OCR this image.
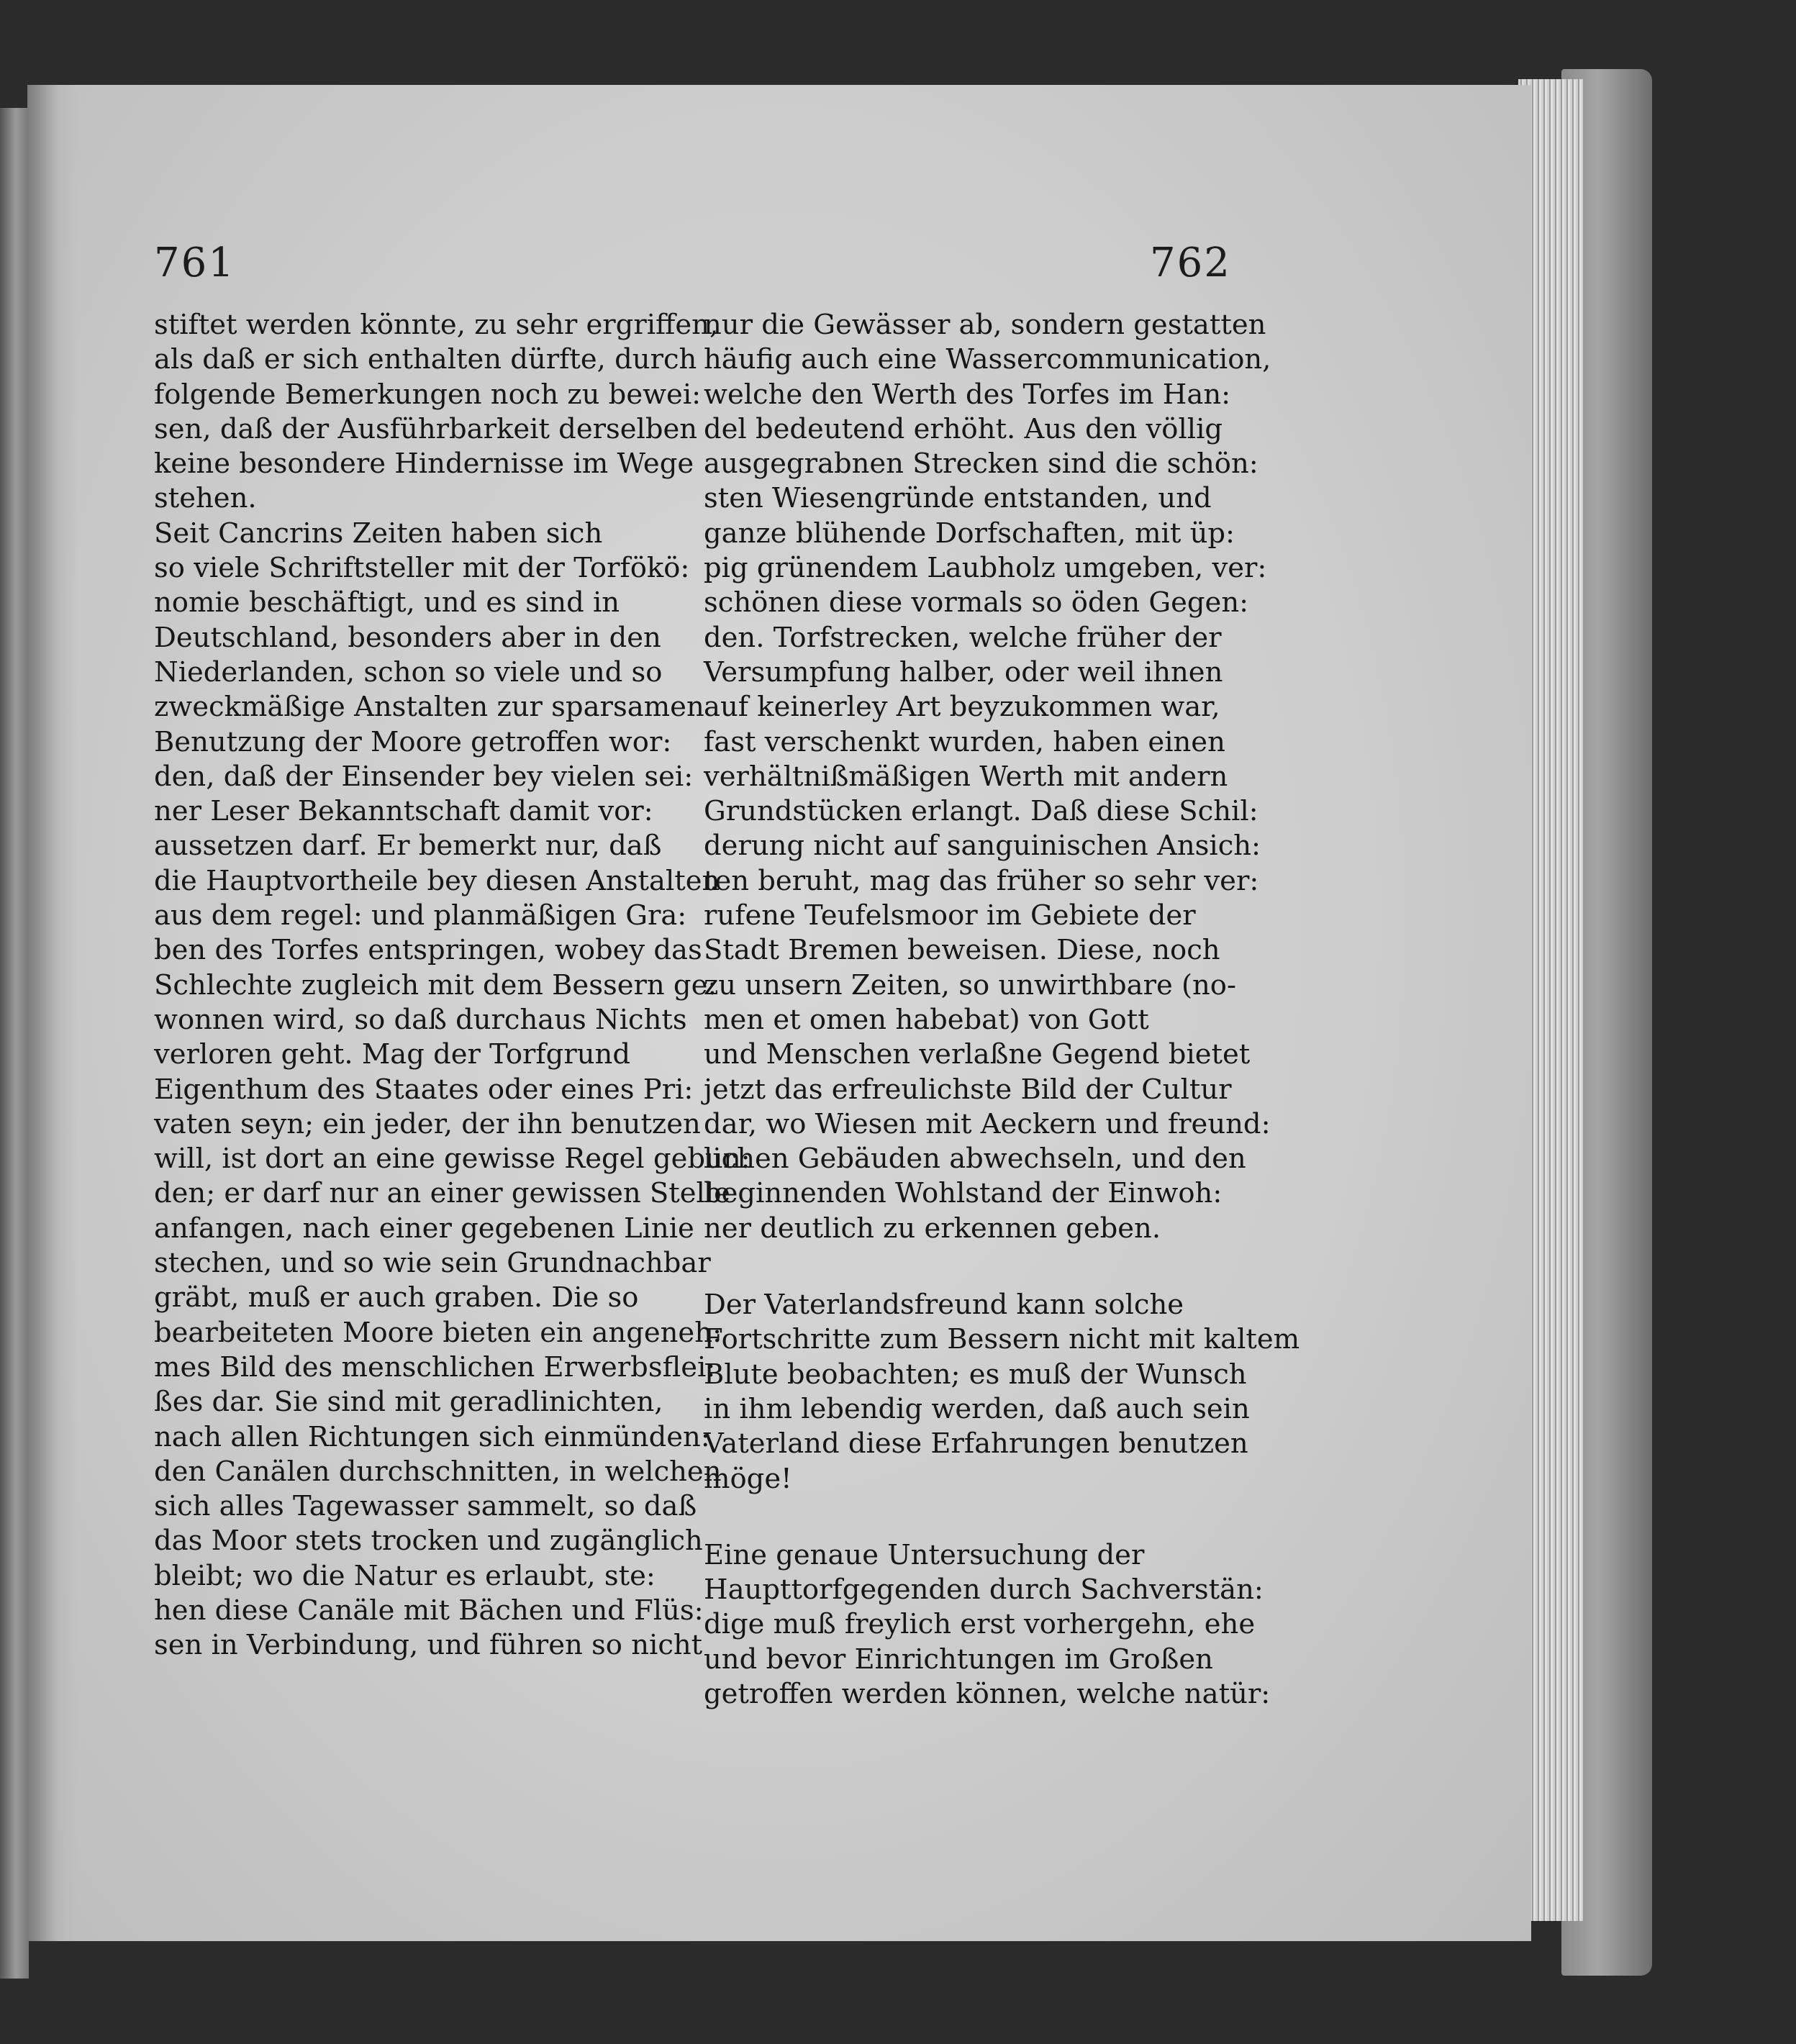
761	762
stiftet werden könnte, zu sehr ergriffen,
als daß er sich enthalten dürfte, durch
folgende Bemerkungen noch zu bewei:
sen, daß der Ausführbarkeit derselben
keine besondere Hindernisse im Wege
stehen.
Seit Cancrins Zeiten haben sich
so viele Schriftsteller mit der Torfökö:
nomie beschäftigt, und es sind in
Deutschland, besonders aber in den
Niederlanden, schon so viele und so
zweckmäßige Anstalten zur sparsamen
Benutzung der Moore getroffen wor:
den, daß der Einsender bey vielen sei:
ner Leser Bekanntschaft damit vor:
aussetzen darf. Er bemerkt nur, daß
die Hauptvortheile bey diesen Anstalten
aus dem regel: und planmäßigen Gra:
ben des Torfes entspringen, wobey das
Schlechte zugleich mit dem Bessern ge:
wonnen wird, so daß durchaus Nichts
verloren geht. Mag der Torfgrund
Eigenthum des Staates oder eines Pri:
vaten seyn; ein jeder, der ihn benutzen
will, ist dort an eine gewisse Regel gebun:
den; er darf nur an einer gewissen Stelle
anfangen, nach einer gegebenen Linie
stechen, und so wie sein Grundnachbar
gräbt, muß er auch graben. Die so
bearbeiteten Moore bieten ein angeneh:
mes Bild des menschlichen Erwerbsflei:
ßes dar. Sie sind mit geradlinichten,
nach allen Richtungen sich einmünden:
den Canälen durchschnitten, in welchen
sich alles Tagewasser sammelt, so daß
das Moor stets trocken und zugänglich
bleibt; wo die Natur es erlaubt, ste:
hen diese Canäle mit Bächen und Flüs:
sen in Verbindung, und führen so nicht
nur die Gewässer ab, sondern gestatten
häufig auch eine Wassercommunication,
welche den Werth des Torfes im Han:
del bedeutend erhöht. Aus den völlig
ausgegrabnen Strecken sind die schön:
sten Wiesengründe entstanden, und
ganze blühende Dorfschaften, mit üp:
pig grünendem Laubholz umgeben, ver:
schönen diese vormals so öden Gegen:
den. Torfstrecken, welche früher der
Versumpfung halber, oder weil ihnen
auf keinerley Art beyzukommen war,
fast verschenkt wurden, haben einen
verhältnißmäßigen Werth mit andern
Grundstücken erlangt. Daß diese Schil:
derung nicht auf sanguinischen Ansich:
ten beruht, mag das früher so sehr ver:
rufene Teufelsmoor im Gebiete der
Stadt Bremen beweisen. Diese, noch
zu unsern Zeiten, so unwirthbare (no-
men et omen habebat) von Gott
und Menschen verlaßne Gegend bietet
jetzt das erfreulichste Bild der Cultur
dar, wo Wiesen mit Aeckern und freund:
lichen Gebäuden abwechseln, und den
beginnenden Wohlstand der Einwoh:
ner deutlich zu erkennen geben.
Der Vaterlandsfreund kann solche
Fortschritte zum Bessern nicht mit kaltem
Blute beobachten; es muß der Wunsch
in ihm lebendig werden, daß auch sein
Vaterland diese Erfahrungen benutzen
möge!
Eine genaue Untersuchung der
Haupttorfgegenden durch Sachverstän:
dige muß freylich erst vorhergehn, ehe
und bevor Einrichtungen im Großen
getroffen werden können, welche natür:
